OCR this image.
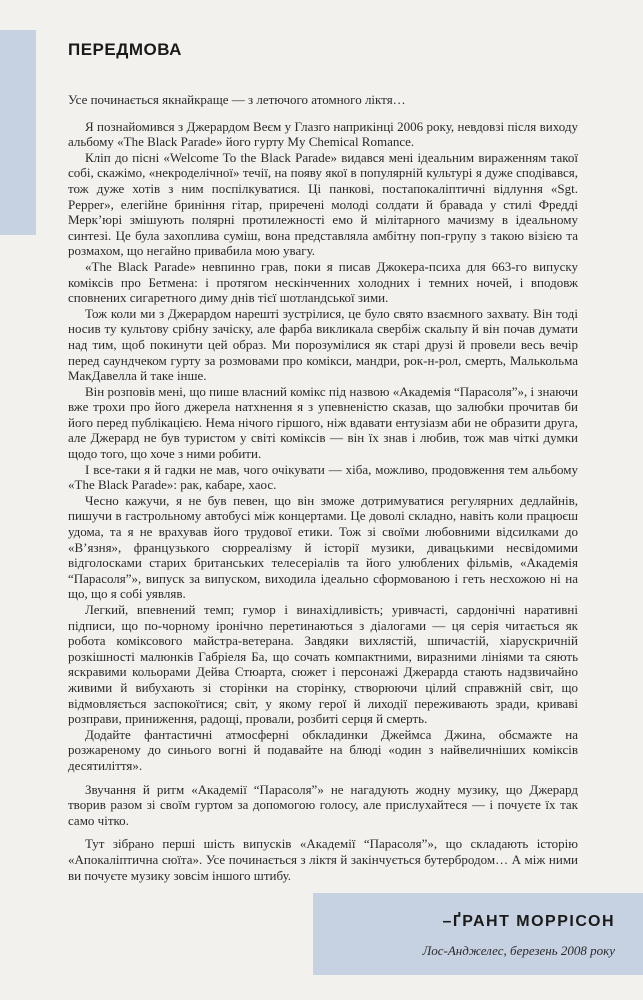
ПЕРЕДМОВА

Усе починається якнайкраще — з летючого атомного ліктя…

Я познайомився з Джерардом Веєм у Глазго наприкінці 2006 року, невдовзі після виходу альбому «The Black Parade» його гурту My Chemical Romance.

Кліп до пісні «Welcome To the Black Parade» видався мені ідеальним вираженням такої собі, скажімо, «некроделічної» течії, на появу якої в популярній культурі я дуже сподівався, тож дуже хотів з ним поспілкуватися. Ці панкові, постапокаліптичні відлуння «Sgt. Pepper», елегійне бриніння гітар, приречені молоді солдати й бравада у стилі Фредді Мерк’юрі змішують полярні протилежності емо й мілітарного мачизму в ідеальному синтезі. Це була захоплива суміш, вона представляла амбітну поп-групу з такою візією та розмахом, що негайно привабила мою увагу.

«The Black Parade» невпинно грав, поки я писав Джокера-психа для 663-го випуску коміксів про Бетмена: і протягом нескінченних холодних і темних ночей, і вподовж сповнених сигаретного диму днів тієї шотландської зими.

Тож коли ми з Джерардом нарешті зустрілися, це було свято взаємного захвату. Він тоді носив ту культову срібну зачіску, але фарба викликала свербіж скальпу й він почав думати над тим, щоб покинути цей образ. Ми порозумілися як старі друзі й провели весь вечір перед саундчеком гурту за розмовами про комікси, мандри, рок-н-рол, смерть, Малькольма МакДавелла й таке інше.

Він розповів мені, що пише власний комікс під назвою «Академія “Парасоля”», і знаючи вже трохи про його джерела натхнення я з упевненістю сказав, що залюбки прочитав би його перед публікацією. Нема нічого гіршого, ніж вдавати ентузіазм аби не образити друга, але Джерард не був туристом у світі коміксів — він їх знав і любив, тож мав чіткі думки щодо того, що хоче з ними робити.

І все-таки я й гадки не мав, чого очікувати — хіба, можливо, продовження тем альбому «The Black Parade»: рак, кабаре, хаос.

Чесно кажучи, я не був певен, що він зможе дотримуватися регулярних дедлайнів, пишучи в гастрольному автобусі між концертами. Це доволі складно, навіть коли працюєш удома, та я не врахував його трудової етики. Тож зі своїми любовними відсилками до «В’язня», французького сюрреалізму й історії музики, дивацькими несвідомими відголосками старих британських телесеріалів та його улюблених фільмів, «Академія “Парасоля”», випуск за випуском, виходила ідеально сформованою і геть несхожою ні на що, що я собі уявляв.

Легкий, впевнений темп; гумор і винахідливість; уривчасті, сардонічні наративні підписи, що по-чорному іронічно перетинаються з діалогами — ця серія читається як робота коміксового майстра-ветерана. Завдяки вихлястій, шпичастій, хіарускричній розкішності малюнків Габріеля Ба, що сочать компактними, виразними лініями та сяють яскравими кольорами Дейва Стюарта, сюжет і персонажі Джерарда стають надзвичайно живими й вибухають зі сторінки на сторінку, створюючи цілий справжній світ, що відмовляється заспокоїтися; світ, у якому герої й лиходії переживають зради, криваві розправи, приниження, радощі, провали, розбиті серця й смерть.

Додайте фантастичні атмосферні обкладинки Джеймса Джина, обсмажте на розжареному до синього вогні й подавайте на блюді «один з найвеличніших коміксів десятиліття».

Звучання й ритм «Академії “Парасоля”» не нагадують жодну музику, що Джерард творив разом зі своїм гуртом за допомогою голосу, але прислухайтеся — і почуєте їх так само чітко.

Тут зібрано перші шість випусків «Академії “Парасоля”», що складають історію «Апокаліптична сюїта». Усе починається з ліктя й закінчується бутербродом… А між ними ви почуєте музику зовсім іншого штибу.

–ҐРАНТ МОРРІСОН
Лос-Анджелес, березень 2008 року
